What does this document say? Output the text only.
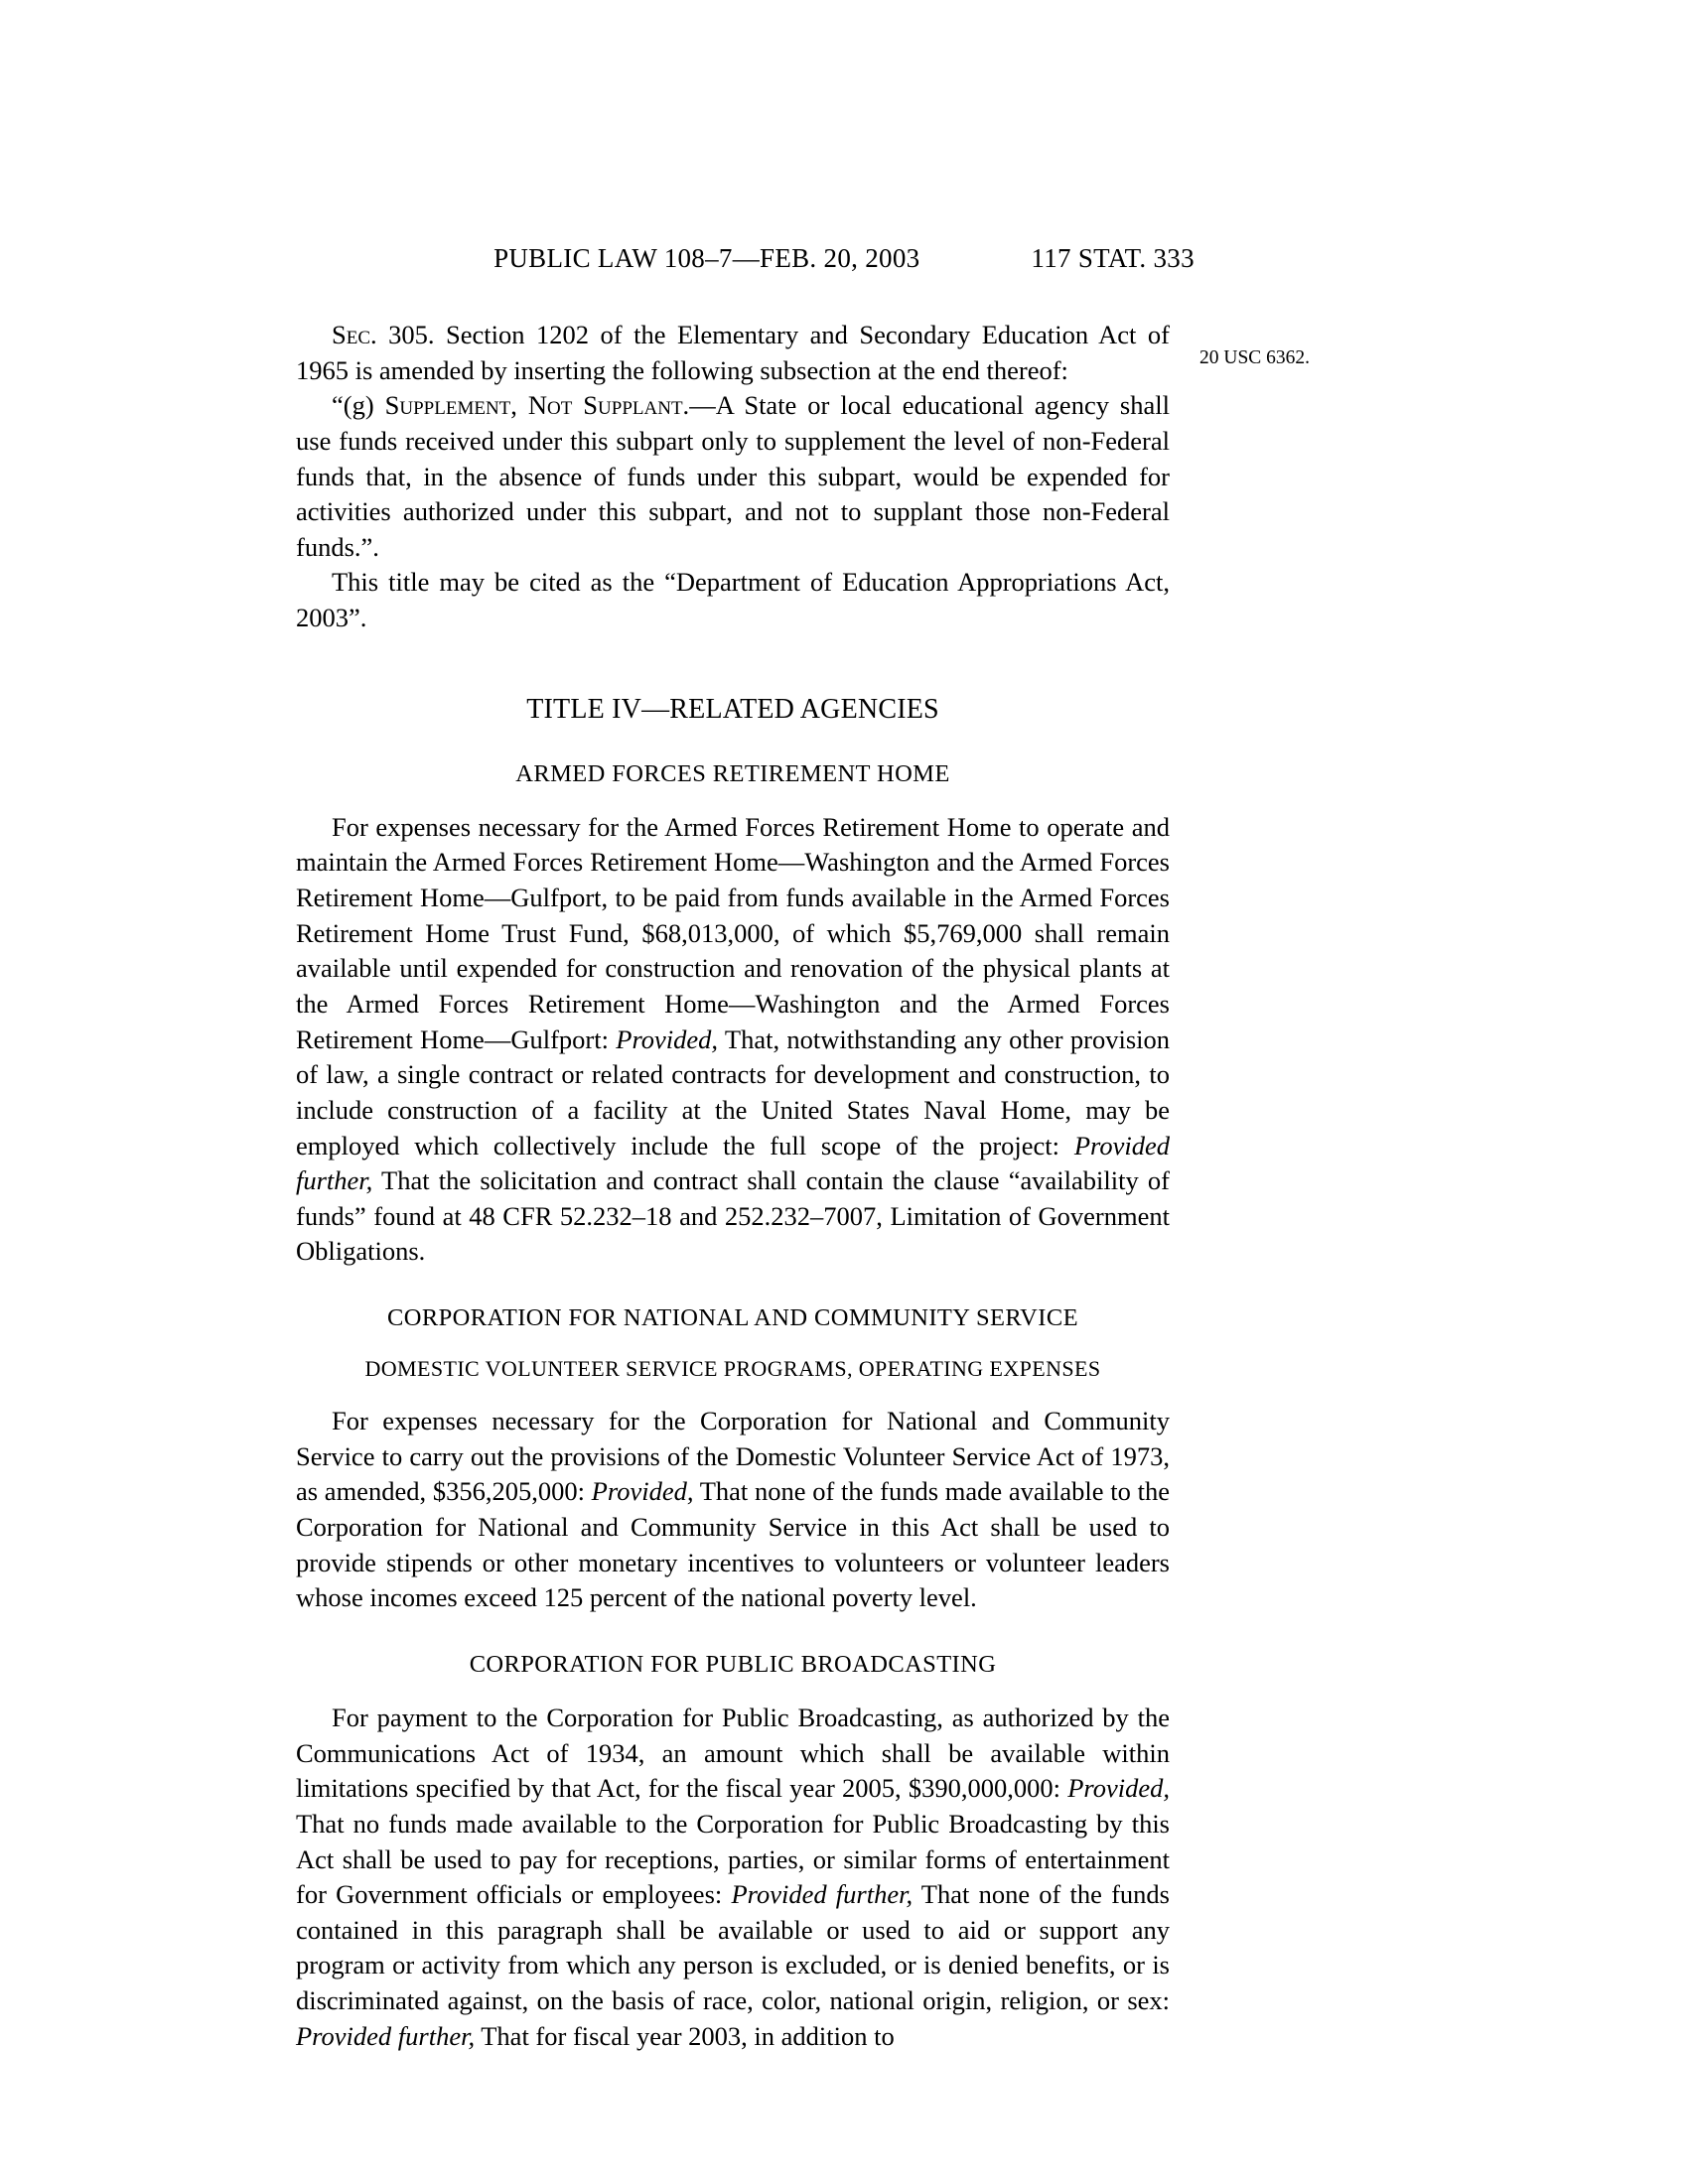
PUBLIC LAW 108–7—FEB. 20, 2003	117 STAT. 333
20 USC 6362.

Sec. 305. Section 1202 of the Elementary and Secondary Education Act of 1965 is amended by inserting the following subsection at the end thereof:

“(g) Supplement, Not Supplant.—A State or local educational agency shall use funds received under this subpart only to supplement the level of non-Federal funds that, in the absence of funds under this subpart, would be expended for activities authorized under this subpart, and not to supplant those non-Federal funds.”.

This title may be cited as the “Department of Education Appropriations Act, 2003”.

TITLE IV—RELATED AGENCIES
ARMED FORCES RETIREMENT HOME

For expenses necessary for the Armed Forces Retirement Home to operate and maintain the Armed Forces Retirement Home—Washington and the Armed Forces Retirement Home—Gulfport, to be paid from funds available in the Armed Forces Retirement Home Trust Fund, $68,013,000, of which $5,769,000 shall remain available until expended for construction and renovation of the physical plants at the Armed Forces Retirement Home—Washington and the Armed Forces Retirement Home—Gulfport: Provided, That, notwithstanding any other provision of law, a single contract or related contracts for development and construction, to include construction of a facility at the United States Naval Home, may be employed which collectively include the full scope of the project: Provided further, That the solicitation and contract shall contain the clause “availability of funds” found at 48 CFR 52.232–18 and 252.232–7007, Limitation of Government Obligations.

CORPORATION FOR NATIONAL AND COMMUNITY SERVICE
DOMESTIC VOLUNTEER SERVICE PROGRAMS, OPERATING EXPENSES

For expenses necessary for the Corporation for National and Community Service to carry out the provisions of the Domestic Volunteer Service Act of 1973, as amended, $356,205,000: Provided, That none of the funds made available to the Corporation for National and Community Service in this Act shall be used to provide stipends or other monetary incentives to volunteers or volunteer leaders whose incomes exceed 125 percent of the national poverty level.

CORPORATION FOR PUBLIC BROADCASTING

For payment to the Corporation for Public Broadcasting, as authorized by the Communications Act of 1934, an amount which shall be available within limitations specified by that Act, for the fiscal year 2005, $390,000,000: Provided, That no funds made available to the Corporation for Public Broadcasting by this Act shall be used to pay for receptions, parties, or similar forms of entertainment for Government officials or employees: Provided further, That none of the funds contained in this paragraph shall be available or used to aid or support any program or activity from which any person is excluded, or is denied benefits, or is discriminated against, on the basis of race, color, national origin, religion, or sex: Provided further, That for fiscal year 2003, in addition to
